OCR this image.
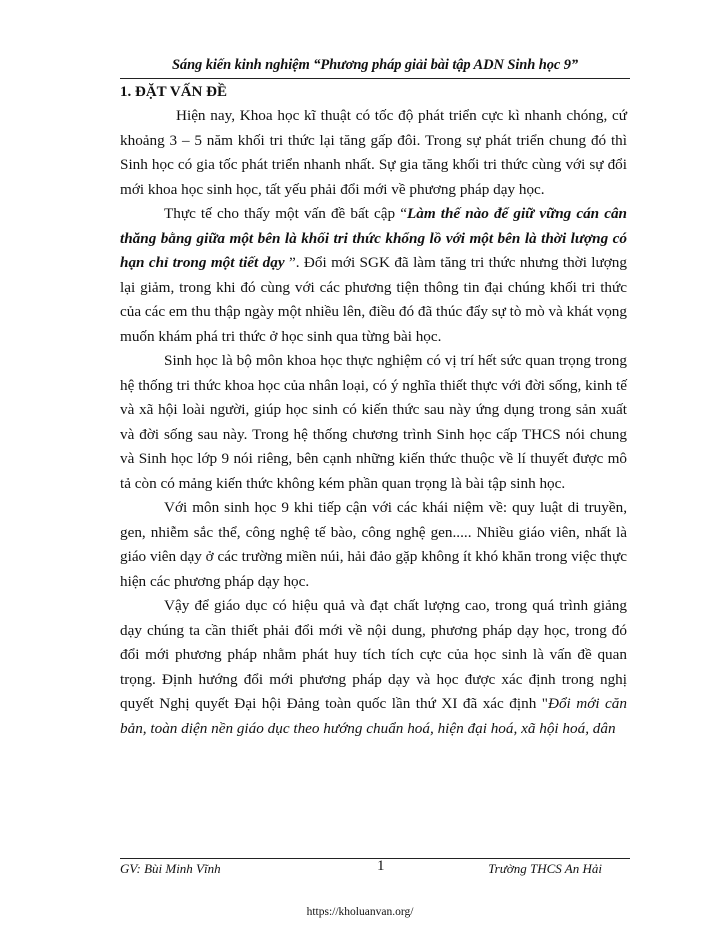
Sáng kiến kinh nghiệm “Phương pháp giải bài tập ADN Sinh học 9”
1. ĐẶT VẤN ĐỀ

Hiện nay, Khoa học kĩ thuật có tốc độ phát triển cực kì nhanh chóng, cứ khoảng 3 – 5 năm khối tri thức lại tăng gấp đôi. Trong sự phát triển chung đó thì Sinh học có gia tốc phát triển nhanh nhất. Sự gia tăng khối tri thức cùng với sự đổi mới khoa học sinh học, tất yếu phải đổi mới về phương pháp dạy học.

Thực tế cho thấy một vấn đề bất cập “Làm thế nào để giữ vững cán cân thăng bằng giữa một bên là khối tri thức khổng lồ với một bên là thời lượng có hạn chỉ trong một tiết dạy ”. Đổi mới SGK đã làm tăng tri thức nhưng thời lượng lại giảm, trong khi đó cùng với các phương tiện thông tin đại chúng khối tri thức của các em thu thập ngày một nhiều lên, điều đó đã thúc đẩy sự tò mò và khát vọng muốn khám phá tri thức ở học sinh qua từng bài học.

Sinh học là bộ môn khoa học thực nghiệm có vị trí hết sức quan trọng trong hệ thống tri thức khoa học của nhân loại, có ý nghĩa thiết thực với đời sống, kinh tế và xã hội loài người, giúp học sinh có kiến thức sau này ứng dụng trong sản xuất và đời sống sau này. Trong hệ thống chương trình Sinh học cấp THCS nói chung và Sinh học lớp 9 nói riêng, bên cạnh những kiến thức thuộc về lí thuyết được mô tả còn có mảng kiến thức không kém phần quan trọng là bài tập sinh học.

Với môn sinh học 9 khi tiếp cận với các khái niệm về: quy luật di truyền, gen, nhiễm sắc thể, công nghệ tế bào, công nghệ gen..... Nhiều giáo viên, nhất là giáo viên dạy ở các trường miền núi, hải đảo gặp không ít khó khăn trong việc thực hiện các phương pháp dạy học.

Vậy để giáo dục có hiệu quả và đạt chất lượng cao, trong quá trình giảng dạy chúng ta cần thiết phải đổi mới về nội dung, phương pháp dạy học, trong đó đổi mới phương pháp nhằm phát huy tích tích cực của học sinh là vấn đề quan trọng. Định hướng đổi mới phương pháp dạy và học được xác định trong nghị quyết Nghị quyết Đại hội Đảng toàn quốc lần thứ XI đã xác định "Đổi mới căn bản, toàn diện nền giáo dục theo hướng chuẩn hoá, hiện đại hoá, xã hội hoá, dân

GV: Bùi Minh Vĩnh	1	Trường THCS An Hải
https://kholuanvan.org/
